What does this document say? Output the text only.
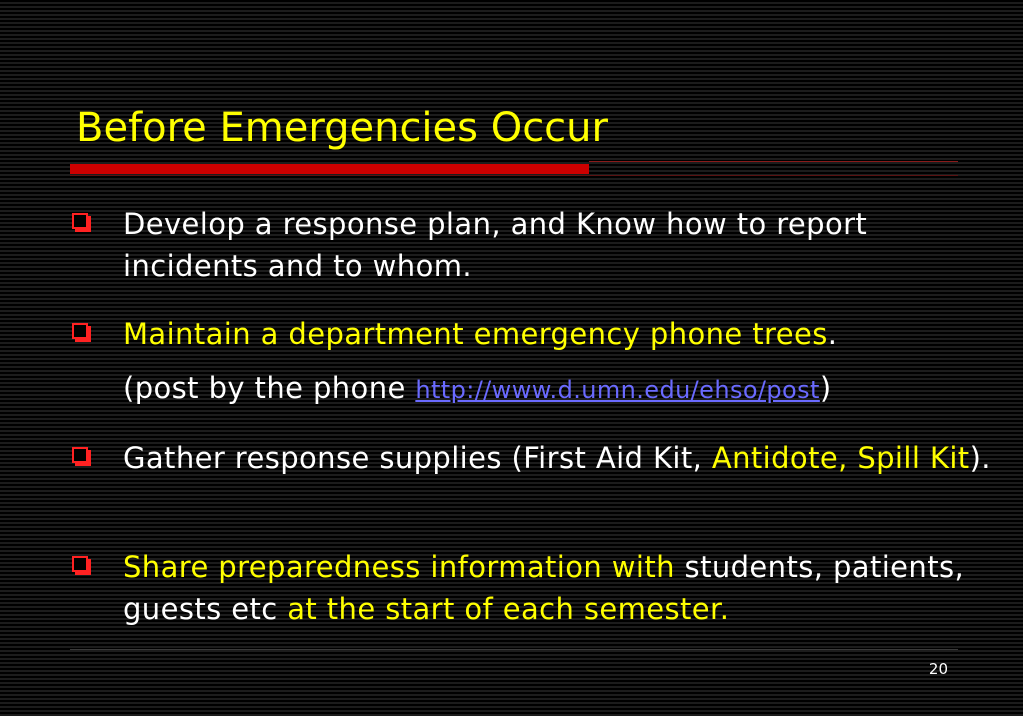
Before Emergencies Occur
Develop a response plan, and Know how to report incidents and to whom.
Maintain a department emergency phone trees.
(post by the phone http://www.d.umn.edu/ehso/post)
Gather response supplies (First Aid Kit, Antidote, Spill Kit).
Share preparedness information with students, patients, guests etc at the start of each semester.
20
